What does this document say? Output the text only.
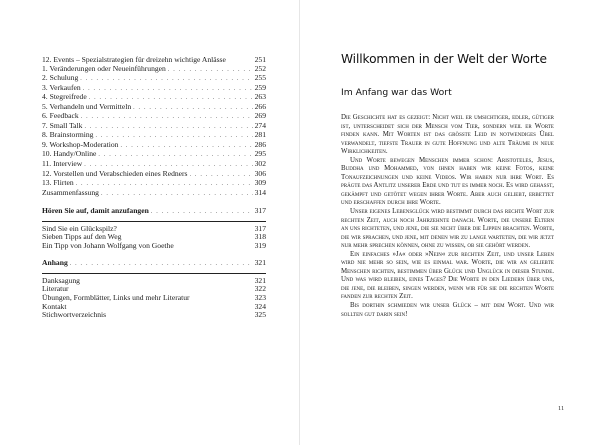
12. Events – Spezialstrategien für dreizehn wichtige Anlässe	251
1. Veränderungen oder Neueinführungen . . .	252
2. Schulung . . .	255
3. Verkaufen . . .	259
4. Stegreifrede . . .	263
5. Verhandeln und Vermitteln . . .	266
6. Feedback . . .	269
7. Small Talk . . .	274
8. Brainstorming . . .	281
9. Workshop-Moderation . . .	286
10. Handy/Online . . .	295
11. Interview . . .	302
12. Vorstellen und Verabschieden eines Redners . . .	306
13. Flirten . . .	309
Zusammenfassung . . .	314
Hören Sie auf, damit anzufangen . . .	317
Sind Sie ein Glückspilz?	317
Sieben Tipps auf den Weg	318
Ein Tipp von Johann Wolfgang von Goethe	319
Anhang . . .	321
Danksagung	321
Literatur	322
Übungen, Formblätter, Links und mehr Literatur	323
Kontakt	324
Stichwortverzeichnis	325
Willkommen in der Welt der Worte
Im Anfang war das Wort

Die Geschichte hat es gezeigt: Nicht weil er umsichtiger, edler, gütiger ist, unterscheidet sich der Mensch vom Tier, sondern weil er Worte finden kann. Mit Worten ist das größte Leid in notwendiges Übel verwandelt, tiefste Trauer in gute Hoffnung und alte Träume in neue Wirklichkeiten.

Und Worte bewegen Menschen immer schon: Aristoteles, Jesus, Buddha und Mohammed, von ihnen haben wir keine Fotos, keine Tonaufzeichnungen und keine Videos. Wir haben nur ihre Wort. Es prägte das Antlitz unserer Erde und tut es immer noch. Es wird gehasst, gekämpft und getötet wegen ihrer Worte. Aber auch geliebt, erbettet und erschaffen durch ihre Worte.

Unser eigenes Lebensglück wird bestimmt durch das rechte Wort zur rechten Zeit, auch noch Jahrzehnte danach. Worte, die unsere Eltern an uns richteten, und jene, die sie nicht über die Lippen brachten. Worte, die wir sprachen, und jene, mit denen wir zu lange warteten, die wir jetzt nur mehr sprechen können, ohne zu wissen, ob sie gehört werden.

Ein einfaches »Ja« oder »Nein« zur rechten Zeit, und unser Leben wird nie mehr so sein, wie es einmal war. Worte, die wir an geliebte Menschen richten, bestimmen über Glück und Unglück in dieser Stunde. Und was wird bleiben, eines Tages? Die Worte in den Liedern über uns, die jene, die bleiben, singen werden, wenn wir für sie die rechten Worte fanden zur rechten Zeit.

Bis dorthin schmieden wir unser Glück – mit dem Wort. Und wir sollten gut darin sein!

11
